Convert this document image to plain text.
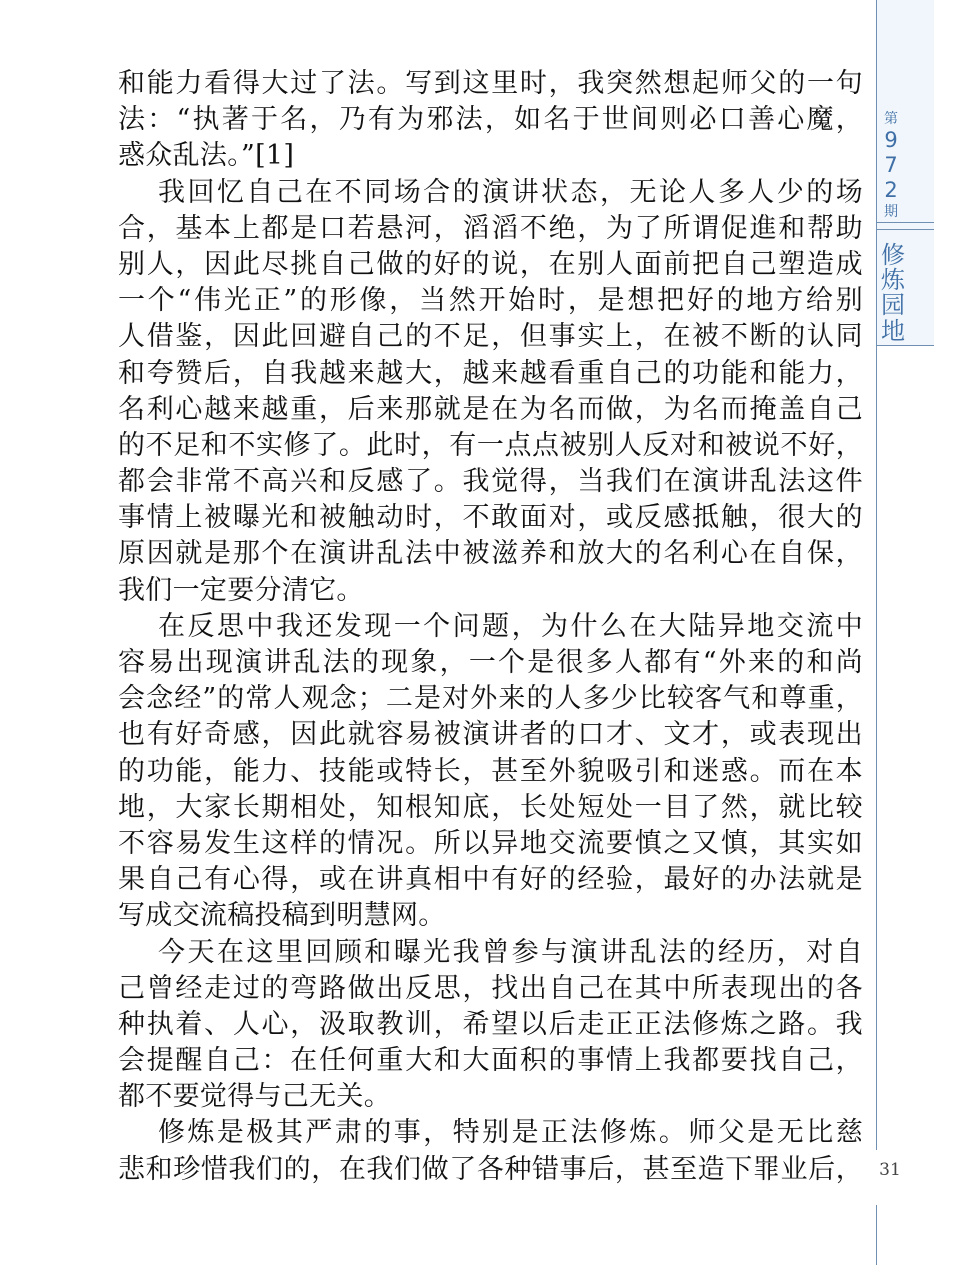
第
9
7
2
期
修
炼
园
地
和能力看得大过了法。写到这里时，我突然想起师父的一句
法：“执著于名，乃有为邪法，如名于世间则必口善心魔，
惑众乱法。”[1]
我回忆自己在不同场合的演讲状态，无论人多人少的场
合，基本上都是口若悬河，滔滔不绝，为了所谓促進和帮助
别人，因此尽挑自己做的好的说，在别人面前把自己塑造成
一个“伟光正”的形像，当然开始时，是想把好的地方给别
人借鉴，因此回避自己的不足，但事实上，在被不断的认同
和夸赞后，自我越来越大，越来越看重自己的功能和能力，
名利心越来越重，后来那就是在为名而做，为名而掩盖自己
的不足和不实修了。此时，有一点点被别人反对和被说不好，
都会非常不高兴和反感了。我觉得，当我们在演讲乱法这件
事情上被曝光和被触动时，不敢面对，或反感抵触，很大的
原因就是那个在演讲乱法中被滋养和放大的名利心在自保，
我们一定要分清它。
在反思中我还发现一个问题，为什么在大陆异地交流中
容易出现演讲乱法的现象，一个是很多人都有“外来的和尚
会念经”的常人观念；二是对外来的人多少比较客气和尊重，
也有好奇感，因此就容易被演讲者的口才、文才，或表现出
的功能，能力、技能或特长，甚至外貌吸引和迷惑。而在本
地，大家长期相处，知根知底，长处短处一目了然，就比较
不容易发生这样的情况。所以异地交流要慎之又慎，其实如
果自己有心得，或在讲真相中有好的经验，最好的办法就是
写成交流稿投稿到明慧网。
今天在这里回顾和曝光我曾参与演讲乱法的经历，对自
己曾经走过的弯路做出反思，找出自己在其中所表现出的各
种执着、人心，汲取教训，希望以后走正正法修炼之路。我
会提醒自己：在任何重大和大面积的事情上我都要找自己，
都不要觉得与己无关。
修炼是极其严肃的事，特别是正法修炼。师父是无比慈
悲和珍惜我们的，在我们做了各种错事后，甚至造下罪业后， 31
